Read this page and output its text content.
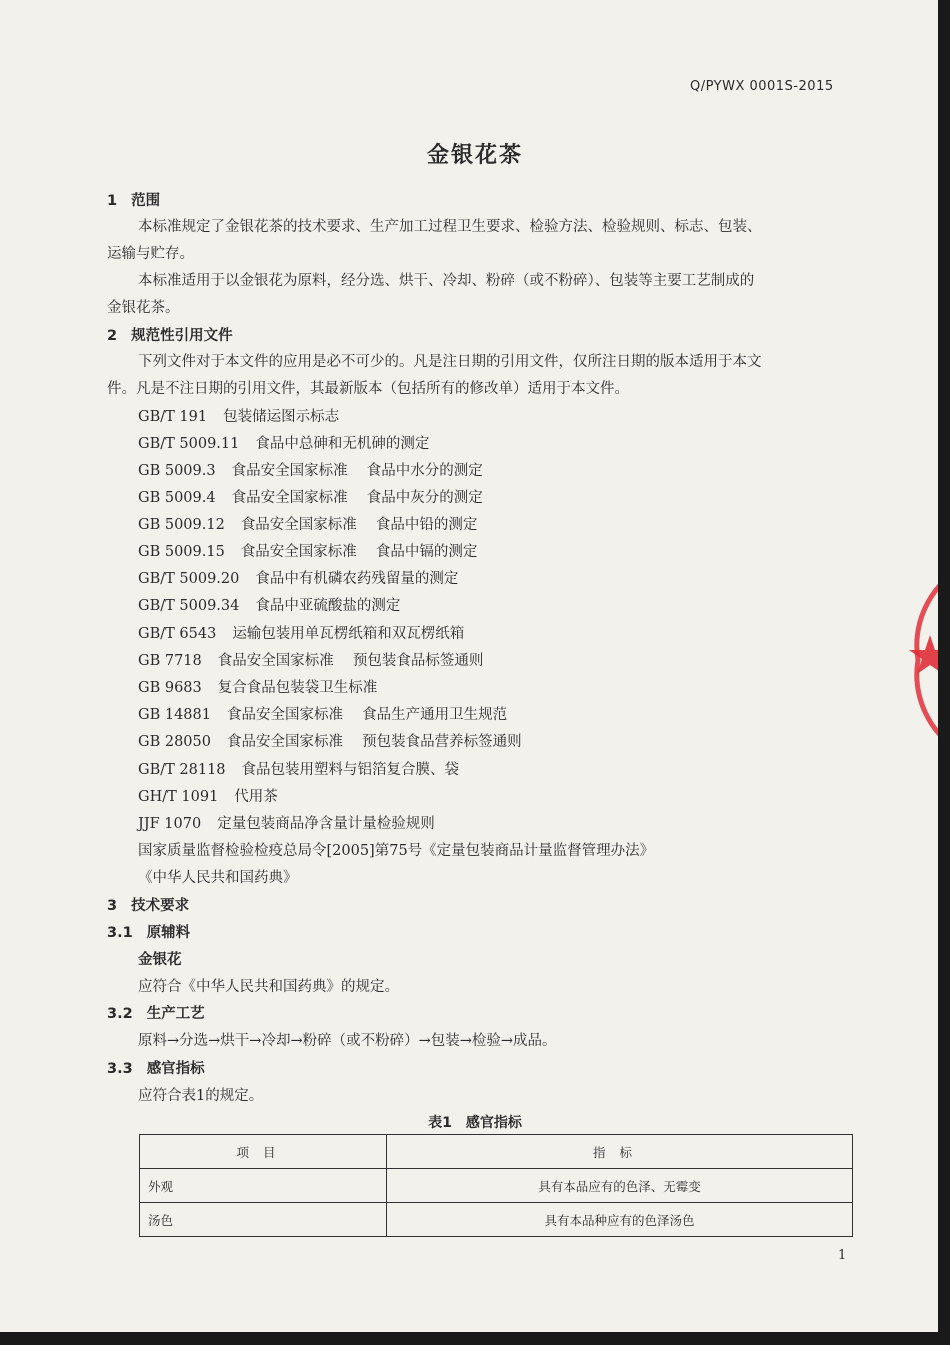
Q/PYWX 0001S-2015
金银花茶
1 范围
本标准规定了金银花茶的技术要求、生产加工过程卫生要求、检验方法、检验规则、标志、包装、
运输与贮存。
本标准适用于以金银花为原料，经分选、烘干、冷却、粉碎（或不粉碎）、包装等主要工艺制成的
金银花茶。
2 规范性引用文件
下列文件对于本文件的应用是必不可少的。凡是注日期的引用文件，仅所注日期的版本适用于本文
件。凡是不注日期的引用文件，其最新版本（包括所有的修改单）适用于本文件。
GB/T 191 包装储运图示标志
GB/T 5009.11 食品中总砷和无机砷的测定
GB 5009.3 食品安全国家标准　 食品中水分的测定
GB 5009.4 食品安全国家标准　 食品中灰分的测定
GB 5009.12 食品安全国家标准　 食品中铅的测定
GB 5009.15 食品安全国家标准　 食品中镉的测定
GB/T 5009.20 食品中有机磷农药残留量的测定
GB/T 5009.34 食品中亚硫酸盐的测定
GB/T 6543 运输包装用单瓦楞纸箱和双瓦楞纸箱
GB 7718 食品安全国家标准　 预包装食品标签通则
GB 9683 复合食品包装袋卫生标准
GB 14881 食品安全国家标准　 食品生产通用卫生规范
GB 28050 食品安全国家标准　 预包装食品营养标签通则
GB/T 28118 食品包装用塑料与铝箔复合膜、袋
GH/T 1091 代用茶
JJF 1070 定量包装商品净含量计量检验规则
国家质量监督检验检疫总局令[2005]第75号《定量包装商品计量监督管理办法》
《中华人民共和国药典》
3 技术要求
3.1 原辅料
金银花
应符合《中华人民共和国药典》的规定。
3.2 生产工艺
原料→分选→烘干→冷却→粉碎（或不粉碎）→包装→检验→成品。
3.3 感官指标
应符合表1的规定。
表1　感官指标
项目	指标
外观	具有本品应有的色泽、无霉变
汤色	具有本品种应有的色泽汤色
1
